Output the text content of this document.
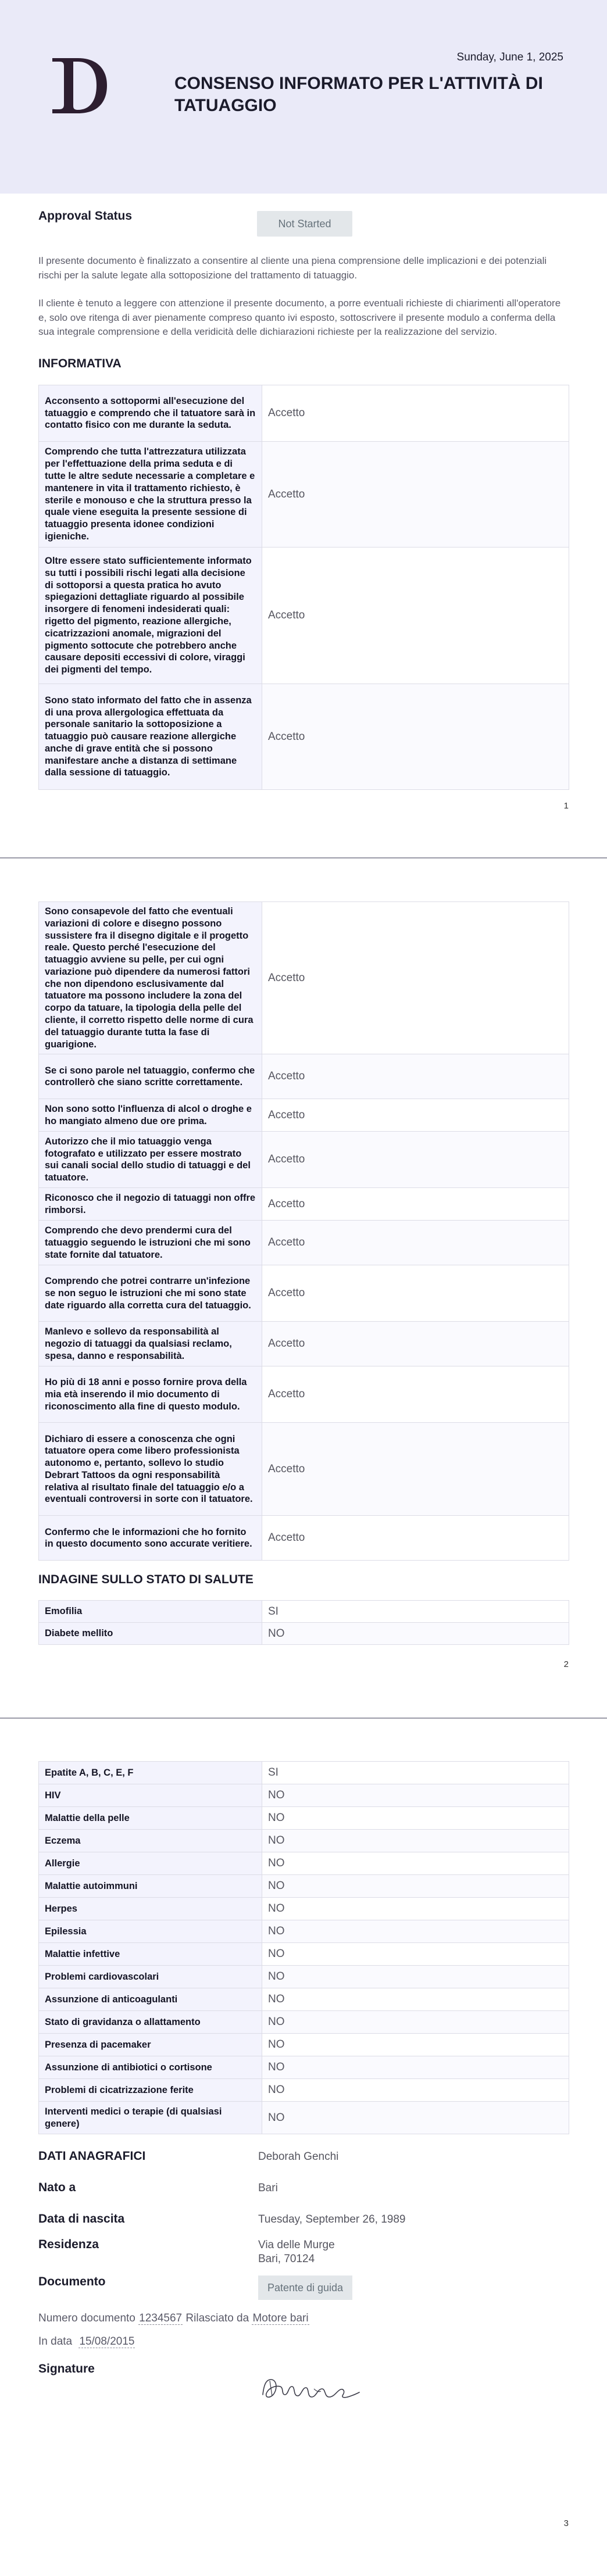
Sunday, June 1, 2025
CONSENSO INFORMATO PER L'ATTIVITÀ DI TATUAGGIO
Approval Status
Not Started

Il presente documento è finalizzato a consentire al cliente una piena comprensione delle implicazioni e dei potenziali rischi per la salute legate alla sottoposizione del trattamento di tatuaggio.

Il cliente è tenuto a leggere con attenzione il presente documento, a porre eventuali richieste di chiarimenti all'operatore e, solo ove ritenga di aver pienamente compreso quanto ivi esposto, sottoscrivere il presente modulo a conferma della sua integrale comprensione e della veridicità delle dichiarazioni richieste per la realizzazione del servizio.

INFORMATIVA
Acconsento a sottopormi all'esecuzione del tatuaggio e comprendo che il tatuatore sarà in contatto fisico con me durante la seduta.	Accetto
Comprendo che tutta l'attrezzatura utilizzata per l'effettuazione della prima seduta e di tutte le altre sedute necessarie a completare e mantenere in vita il trattamento richiesto, è sterile e monouso e che la struttura presso la quale viene eseguita la presente sessione di tatuaggio presenta idonee condizioni igieniche.	Accetto
Oltre essere stato sufficientemente informato su tutti i possibili rischi legati alla decisione di sottoporsi a questa pratica ho avuto spiegazioni dettagliate riguardo al possibile insorgere di fenomeni indesiderati quali: rigetto del pigmento, reazione allergiche, cicatrizzazioni anomale, migrazioni del pigmento sottocute che potrebbero anche causare depositi eccessivi di colore, viraggi dei pigmenti del tempo.	Accetto
Sono stato informato del fatto che in assenza di una prova allergologica effettuata da personale sanitario la sottoposizione a tatuaggio può causare reazione allergiche anche di grave entità che si possono manifestare anche a distanza di settimane dalla sessione di tatuaggio.	Accetto
1
Sono consapevole del fatto che eventuali variazioni di colore e disegno possono sussistere fra il disegno digitale e il progetto reale. Questo perché l'esecuzione del tatuaggio avviene su pelle, per cui ogni variazione può dipendere da numerosi fattori che non dipendono esclusivamente dal tatuatore ma possono includere la zona del corpo da tatuare, la tipologia della pelle del cliente, il corretto rispetto delle norme di cura del tatuaggio durante tutta la fase di guarigione.	Accetto
Se ci sono parole nel tatuaggio, confermo che controllerò che siano scritte correttamente.	Accetto
Non sono sotto l'influenza di alcol o droghe e ho mangiato almeno due ore prima.	Accetto
Autorizzo che il mio tatuaggio venga fotografato e utilizzato per essere mostrato sui canali social dello studio di tatuaggi e del tatuatore.	Accetto
Riconosco che il negozio di tatuaggi non offre rimborsi.	Accetto
Comprendo che devo prendermi cura del tatuaggio seguendo le istruzioni che mi sono state fornite dal tatuatore.	Accetto
Comprendo che potrei contrarre un'infezione se non seguo le istruzioni che mi sono state date riguardo alla corretta cura del tatuaggio.	Accetto
Manlevo e sollevo da responsabilità al negozio di tatuaggi da qualsiasi reclamo, spesa, danno e responsabilità.	Accetto
Ho più di 18 anni e posso fornire prova della mia età inserendo il mio documento di riconoscimento alla fine di questo modulo.	Accetto
Dichiaro di essere a conoscenza che ogni tatuatore opera come libero professionista autonomo e, pertanto, sollevo lo studio Debrart Tattoos da ogni responsabilità relativa al risultato finale del tatuaggio e/o a eventuali controversi in sorte con il tatuatore.	Accetto
Confermo che le informazioni che ho fornito in questo documento sono accurate veritiere.	Accetto
INDAGINE SULLO STATO DI SALUTE
Emofilia	SI
Diabete mellito	NO
2
Epatite A, B, C, E, F	SI
HIV	NO
Malattie della pelle	NO
Eczema	NO
Allergie	NO
Malattie autoimmuni	NO
Herpes	NO
Epilessia	NO
Malattie infettive	NO
Problemi cardiovascolari	NO
Assunzione di anticoagulanti	NO
Stato di gravidanza o allattamento	NO
Presenza di pacemaker	NO
Assunzione di antibiotici o cortisone	NO
Problemi di cicatrizzazione ferite	NO
Interventi medici o terapie (di qualsiasi genere)	NO
DATI ANAGRAFICI	Deborah Genchi
Nato a	Bari
Data di nascita	Tuesday, September 26, 1989
Residenza	Via delle Murge
Bari, 70124
Documento	Patente di guida
Numero documento 1234567 Rilasciato da Motore bari
In data 15/08/2015
Signature
3
